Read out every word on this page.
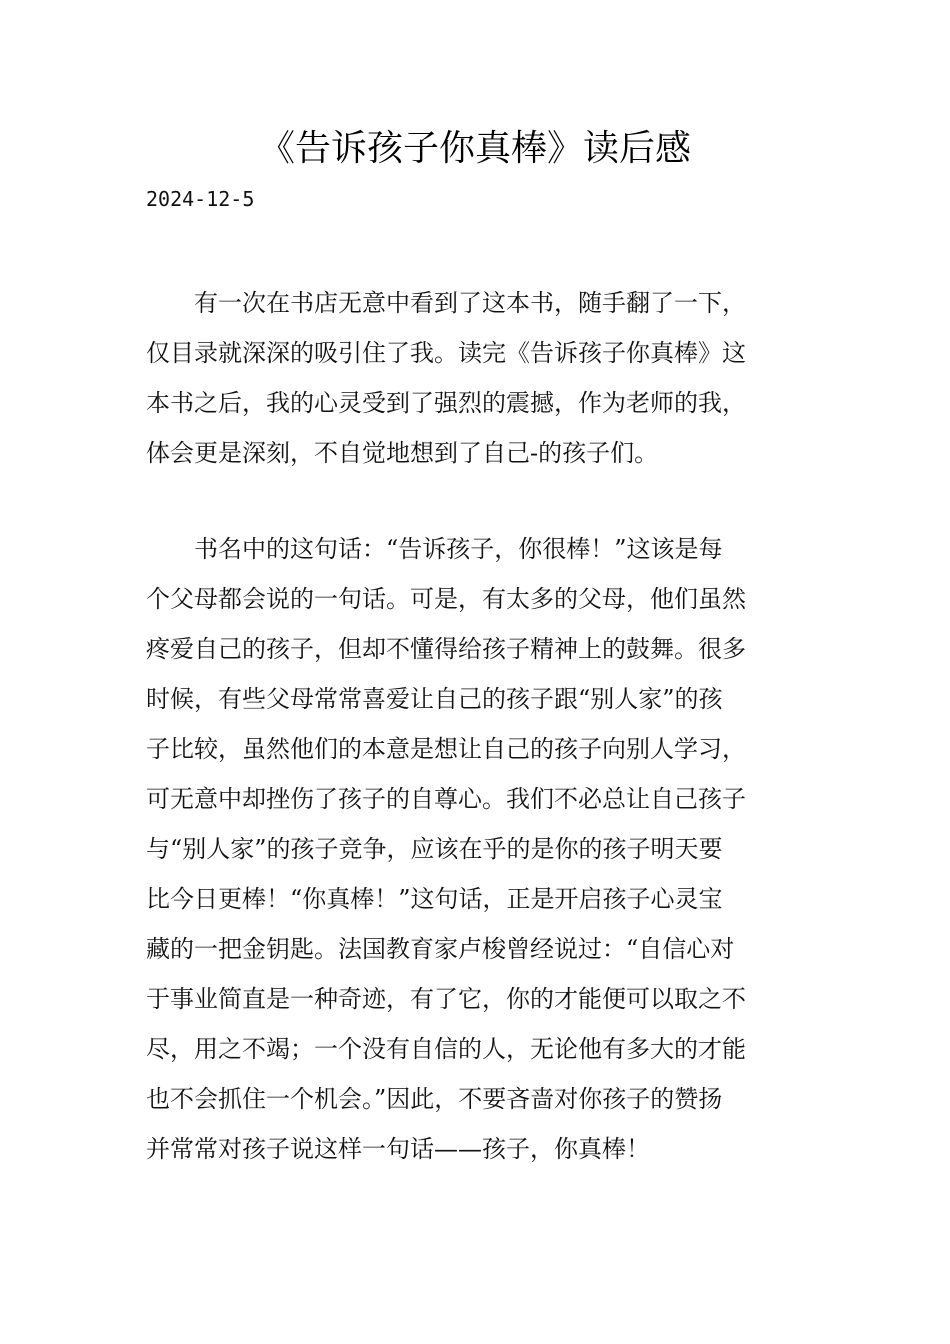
《告诉孩子你真棒》读后感
2024-12-5
　　有一次在书店无意中看到了这本书，随手翻了一下，
仅目录就深深的吸引住了我。读完《告诉孩子你真棒》这
本书之后，我的心灵受到了强烈的震撼，作为老师的我，
体会更是深刻，不自觉地想到了自己-的孩子们。
　　书名中的这句话：“告诉孩子，你很棒！”这该是每
个父母都会说的一句话。可是，有太多的父母，他们虽然
疼爱自己的孩子，但却不懂得给孩子精神上的鼓舞。很多
时候，有些父母常常喜爱让自己的孩子跟“别人家”的孩
子比较，虽然他们的本意是想让自己的孩子向别人学习，
可无意中却挫伤了孩子的自尊心。我们不必总让自己孩子
与“别人家”的孩子竞争，应该在乎的是你的孩子明天要
比今日更棒！“你真棒！”这句话，正是开启孩子心灵宝
藏的一把金钥匙。法国教育家卢梭曾经说过：“自信心对
于事业简直是一种奇迹，有了它，你的才能便可以取之不
尽，用之不竭；一个没有自信的人，无论他有多大的才能
也不会抓住一个机会。”因此，不要吝啬对你孩子的赞扬
并常常对孩子说这样一句话——孩子，你真棒！
